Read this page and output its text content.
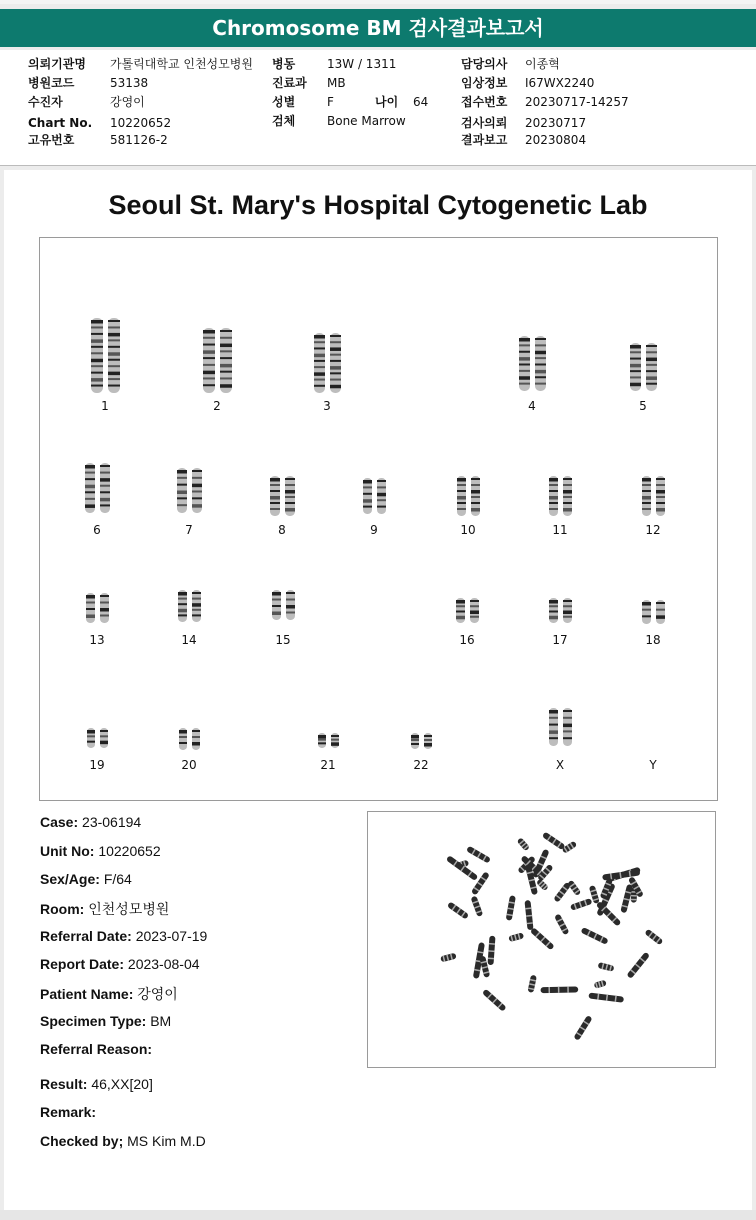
Chromosome BM 검사결과보고서
의뢰기관명 가톨릭대학교 인천성모병원
병원코드	53138
수진자	강영이
Chart No. 10220652
고유번호	581126-2
병동	13W / 1311
진료과 MB
성별	F	나이 64
검체	Bone Marrow
담당의사 이종혁
임상정보 I67WX2240
접수번호 20230717-14257
검사의뢰 20230717
결과보고 20230804
Seoul St. Mary's Hospital Cytogenetic Lab
1	2	3	4	5
6	7	8	9	10	11	12
13	14	15	16	17	18
19	20	21	22	X	Y
Case: 23-06194
Unit No: 10220652
Sex/Age: F/64
Room: 인천성모병원
Referral Date: 2023-07-19
Report Date: 2023-08-04
Patient Name: 강영이
Specimen Type: BM
Referral Reason:
Result: 46,XX[20]
Remark:
Checked by; MS Kim M.D
